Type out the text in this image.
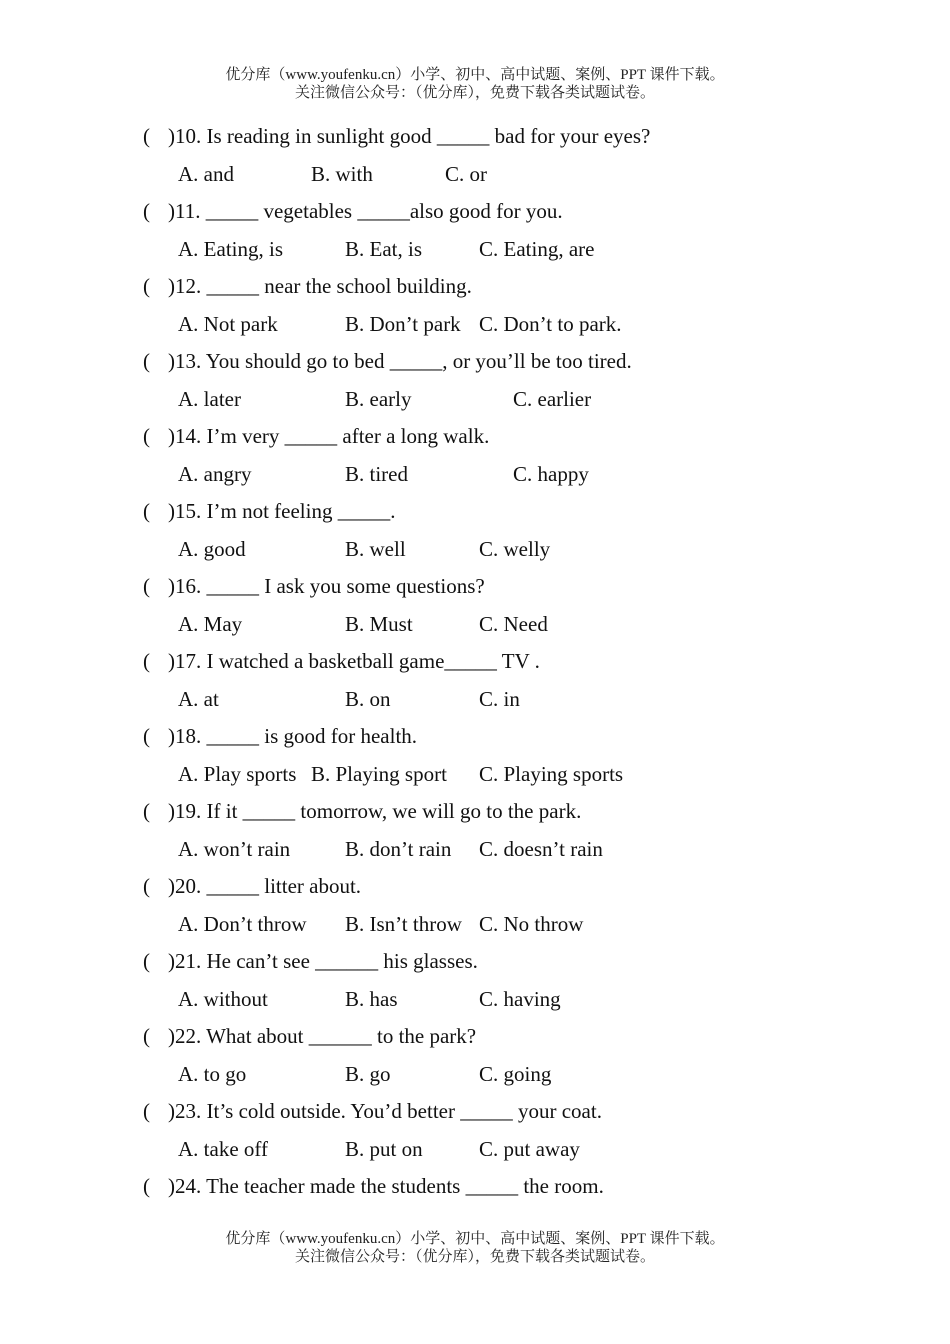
优分库（www.youfenku.cn）小学、初中、高中试题、案例、PPT 课件下载。
关注微信公众号：（优分库），免费下载各类试题试卷。
( )10. Is reading in sunlight good _____ bad for your eyes?
A. and	B. with	C. or
( )11. _____ vegetables _____also good for you.
A. Eating, is	B. Eat, is	C. Eating, are
( )12. _____ near the school building.
A. Not park	B. Don’t park C. Don’t to park.
( )13. You should go to bed _____, or you’ll be too tired.
A. later	B. early	C. earlier
( )14. I’m very _____ after a long walk.
A. angry	B. tired	C. happy
( )15. I’m not feeling _____.
A. good	B. well	C. welly
( )16. _____ I ask you some questions?
A. May	B. Must	C. Need
( )17. I watched a basketball game_____ TV .
A. at	B. on	C. in
( )18. _____ is good for health.
A. Play sports B. Playing sport C. Playing sports
( )19. If it _____ tomorrow, we will go to the park.
A. won’t rain	B. don’t rain C. doesn’t rain
( )20. _____ litter about.
A. Don’t throw B. Isn’t throw C. No throw
( )21. He can’t see ______ his glasses.
A. without	B. has	C. having
( )22. What about ______ to the park?
A. to go	B. go	C. going
( )23. It’s cold outside. You’d better _____ your coat.
A. take off	B. put on	C. put away
( )24. The teacher made the students _____ the room.
优分库（www.youfenku.cn）小学、初中、高中试题、案例、PPT 课件下载。
关注微信公众号：（优分库），免费下载各类试题试卷。
